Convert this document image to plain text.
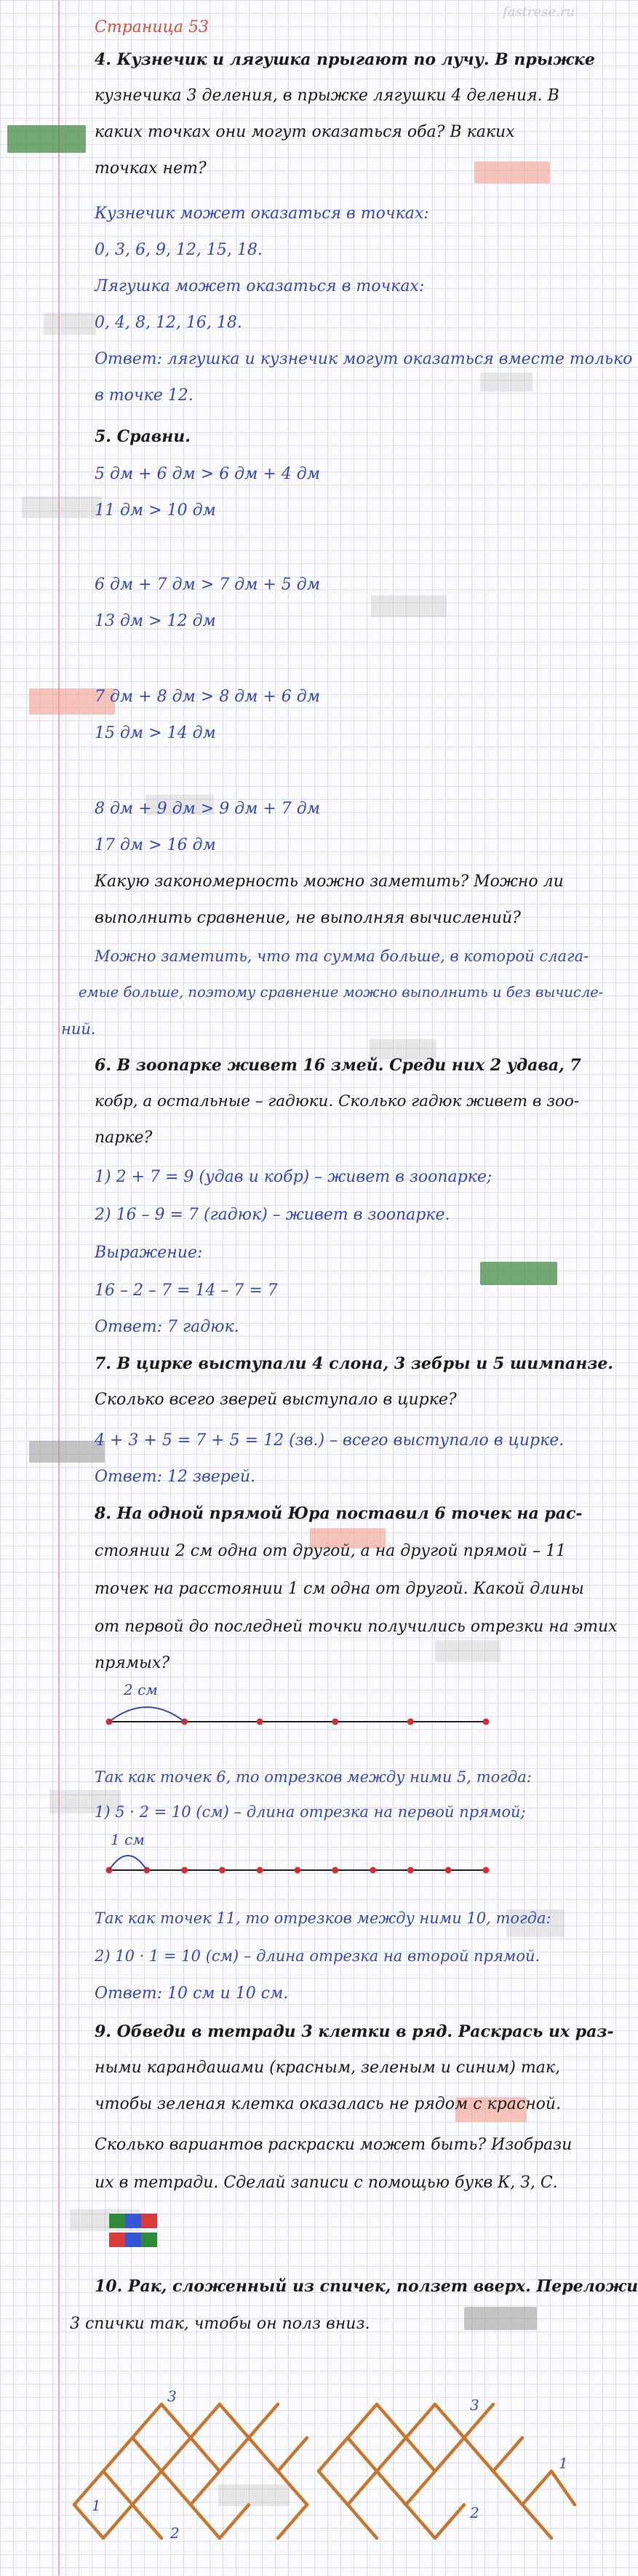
fastrese.ru
Страница 53
4. Кузнечик и лягушка прыгают по лучу. В прыжке
кузнечика 3 деления, в прыжке лягушки 4 деления. В
каких точках они могут оказаться оба? В каких
точках нет?
Кузнечик может оказаться в точках:
0, 3, 6, 9, 12, 15, 18.
Лягушка может оказаться в точках:
0, 4, 8, 12, 16, 18.
Ответ: лягушка и кузнечик могут оказаться вместе только
в точке 12.
5. Сравни.
5 дм + 6 дм > 6 дм + 4 дм
11 дм > 10 дм
6 дм + 7 дм > 7 дм + 5 дм
13 дм > 12 дм
7 дм + 8 дм > 8 дм + 6 дм
15 дм > 14 дм
8 дм + 9 дм > 9 дм + 7 дм
17 дм > 16 дм
Какую закономерность можно заметить? Можно ли
выполнить сравнение, не выполняя вычислений?
Можно заметить, что та сумма больше, в которой слага-
емые больше, поэтому сравнение можно выполнить и без вычисле-
ний.
6. В зоопарке живет 16 змей. Среди них 2 удава, 7
кобр, а остальные – гадюки. Сколько гадюк живет в зоо-
парке?
1) 2 + 7 = 9 (удав и кобр) – живет в зоопарке;
2) 16 – 9 = 7 (гадюк) – живет в зоопарке.
Выражение:
16 – 2 – 7 = 14 – 7 = 7
Ответ: 7 гадюк.
7. В цирке выступали 4 слона, 3 зебры и 5 шимпанзе.
Сколько всего зверей выступало в цирке?
4 + 3 + 5 = 7 + 5 = 12 (зв.) – всего выступало в цирке.
Ответ: 12 зверей.
8. На одной прямой Юра поставил 6 точек на рас-
стоянии 2 см одна от другой, а на другой прямой – 11
точек на расстоянии 1 см одна от другой. Какой длины
от первой до последней точки получились отрезки на этих
прямых?
2 см
Так как точек 6, то отрезков между ними 5, тогда:
1) 5 · 2 = 10 (см) – длина отрезка на первой прямой;
1 см
Так как точек 11, то отрезков между ними 10, тогда:
2) 10 · 1 = 10 (см) – длина отрезка на второй прямой.
Ответ: 10 см и 10 см.
9. Обведи в тетради 3 клетки в ряд. Раскрась их раз-
ными карандашами (красным, зеленым и синим) так,
чтобы зеленая клетка оказалась не рядом с красной.
Сколько вариантов раскраски может быть? Изобрази
их в тетради. Сделай записи с помощью букв К, З, С.
10. Рак, сложенный из спичек, ползет вверх. Переложи
3 спички так, чтобы он полз вниз.
3
1
2
3
1
2
